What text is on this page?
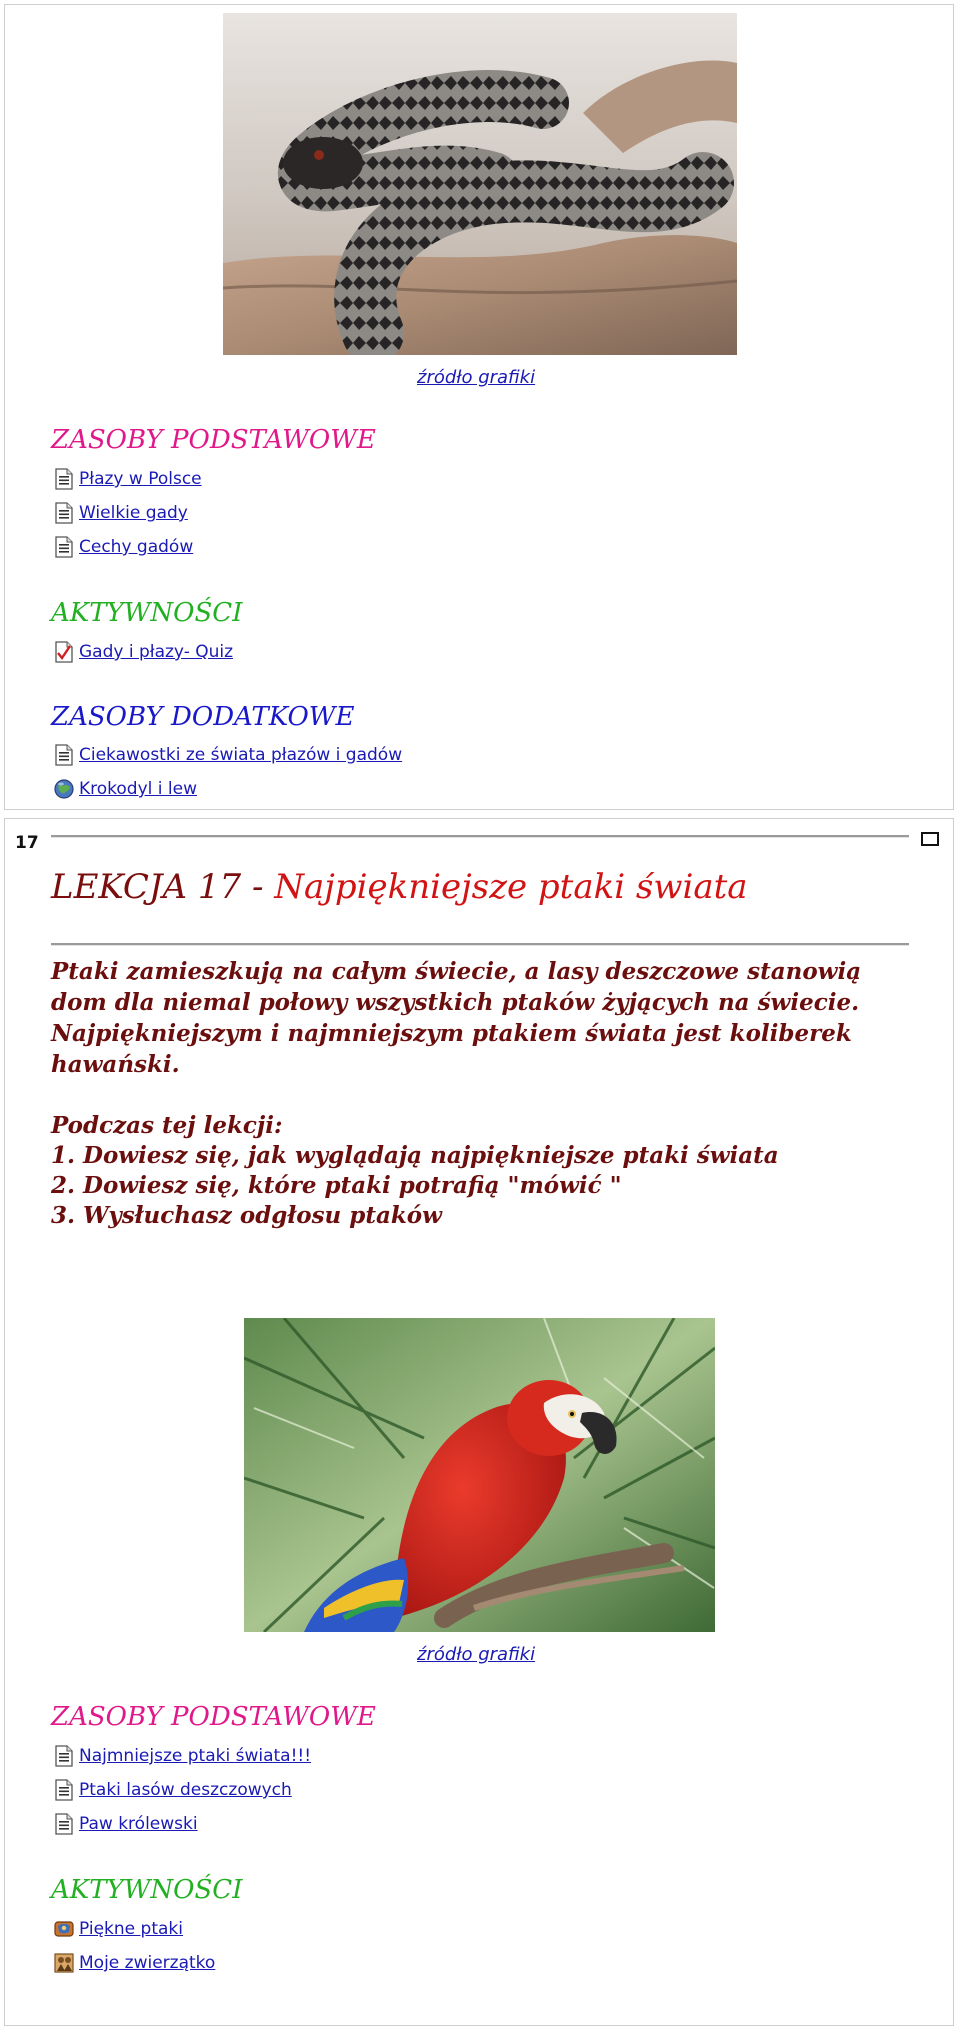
źródło grafiki
ZASOBY PODSTAWOWE
Płazy w Polsce
Wielkie gady
Cechy gadów
AKTYWNOŚCI
Gady i płazy- Quiz
ZASOBY DODATKOWE
Ciekawostki ze świata płazów i gadów
Krokodyl i lew
17
LEKCJA 17 - Najpiękniejsze ptaki świata
Ptaki zamieszkują na całym świecie, a lasy deszczowe stanowią dom dla niemal połowy wszystkich ptaków żyjących na świecie. Najpiękniejszym i najmniejszym ptakiem świata jest koliberek hawański.
Podczas tej lekcji:
1. Dowiesz się, jak wyglądają najpiękniejsze ptaki świata
2. Dowiesz się, które ptaki potrafią "mówić "
3. Wysłuchasz odgłosu ptaków
źródło grafiki
ZASOBY PODSTAWOWE
Najmniejsze ptaki świata!!!
Ptaki lasów deszczowych
Paw królewski
AKTYWNOŚCI
Piękne ptaki
Moje zwierzątko
